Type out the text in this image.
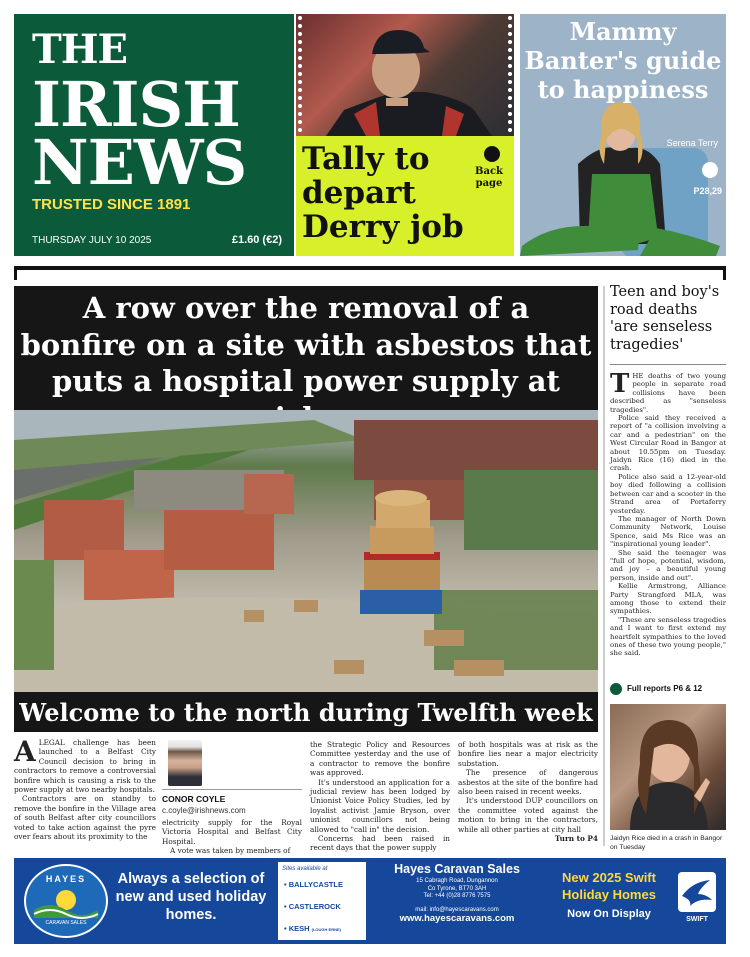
THE
IRISH
NEWS
TRUSTED SINCE 1891
THURSDAY JULY 10 2025	£1.60 (€2)
Tally to depart Derry job
Back page
Mammy Banter's guide to happiness
Serena Terry
P28,29
A row over the removal of a bonfire on a site with asbestos that puts a hospital power supply at
Welcome to the north during Twelfth week
A LEGAL challenge has been launched to a Belfast City Council decision to bring in contractors to remove a controversial bonfire which is causing a risk to the power supply at two nearby hospitals.

Contractors are on standby to remove the bonfire in the Village area of south Belfast after city councillors voted to take action against the pyre over fears about its proximity to the

CONOR COYLE
c.coyle@irishnews.com

electricity supply for the Royal Victoria Hospital and Belfast City Hospital.

A vote was taken by members of

the Strategic Policy and Resources Committee yesterday and the use of a contractor to remove the bonfire was approved.

It's understood an application for a judicial review has been lodged by Unionist Voice Policy Studies, led by loyalist activist Jamie Bryson, over unionist councillors not being allowed to "call in" the decision.

Concerns had been raised in recent days that the power supply

of both hospitals was at risk as the bonfire lies near a major electricity substation.

The presence of dangerous asbestos at the site of the bonfire had also been raised in recent weeks.

It's understood DUP councillors on the committee voted against the motion to bring in the contractors, while all other parties at city hall

Turn to P4

Teen and boy's road deaths 'are senseless tragedies'
T HE deaths of two young people in separate road collisions have been described as "senseless tragedies".

Police said they received a report of "a collision involving a car and a pedestrian" on the West Circular Road in Bangor at about 10.55pm on Tuesday. Jaidyn Rice (16) died in the crash.

Police also said a 12-year-old boy died following a collision between car and a scooter in the Strand area of Portaferry yesterday.

The manager of North Down Community Network, Louise Spence, said Ms Rice was an "inspirational young leader".

She said the teenager was "full of hope, potential, wisdom, and joy – a beautiful young person, inside and out".

Kellie Armstrong, Alliance Party Strangford MLA, was among those to extend their sympathies.

"These are senseless tragedies and I want to first extend my heartfelt sympathies to the loved ones of these two young people," she said.

Full reports P6 & 12
Jaidyn Rice died in a crash in Bangor on Tuesday
HAYES
CARAVAN SALES
Always a selection of new and used holiday homes.
Sites available at
• BALLYCASTLE
• CASTLEROCK
• KESH (LOUGH ERNE)
Hayes Caravan Sales
15 Cabragh Road, Dungannon
Co Tyrone, BT70 3AH
Tel: +44 (0)28 8776 7575
mail: info@hayescaravans.com
www.hayescaravans.com
New 2025 Swift
Holiday Homes
Now On Display	SWIFT
